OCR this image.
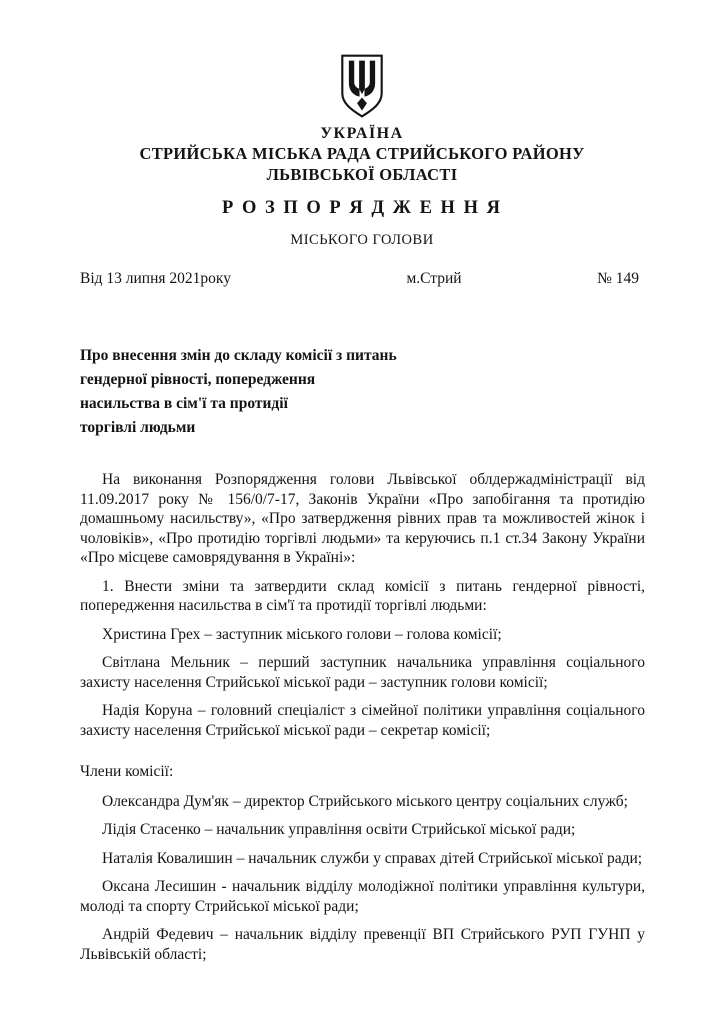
УКРАЇНА
СТРИЙСЬКА МІСЬКА РАДА СТРИЙСЬКОГО РАЙОНУ
ЛЬВІВСЬКОЇ ОБЛАСТІ
Р О З П О Р Я Д Ж Е Н Н Я
МІСЬКОГО ГОЛОВИ
Від 13 липня 2021року	м.Стрий	№ 149
Про внесення змін до складу комісії з питань
гендерної рівності, попередження
насильства в сім'ї та протидії
торгівлі людьми

На виконання Розпорядження голови Львівської облдержадміністрації від 11.09.2017 року № 156/0/7-17, Законів України «Про запобігання та протидію домашньому насильству», «Про затвердження рівних прав та можливостей жінок і чоловіків», «Про протидію торгівлі людьми» та керуючись п.1 ст.34 Закону України «Про місцеве самоврядування в Україні»:

1. Внести зміни та затвердити склад комісії з питань гендерної рівності, попередження насильства в сім'ї та протидії торгівлі людьми:

Христина Грех – заступник міського голови – голова комісії;

Світлана Мельник – перший заступник начальника управління соціального захисту населення Стрийської міської ради – заступник голови комісії;

Надія Коруна – головний спеціаліст з сімейної політики управління соціального захисту населення Стрийської міської ради – секретар комісії;

Члени комісії:

Олександра Дум'як – директор Стрийського міського центру соціальних служб;

Лідія Стасенко – начальник управління освіти Стрийської міської ради;

Наталія Ковалишин – начальник служби у справах дітей Стрийської міської ради;

Оксана Лесишин - начальник відділу молодіжної політики управління культури, молоді та спорту Стрийської міської ради;

Андрій Федевич – начальник відділу превенції ВП Стрийського РУП ГУНП у Львівській області;
